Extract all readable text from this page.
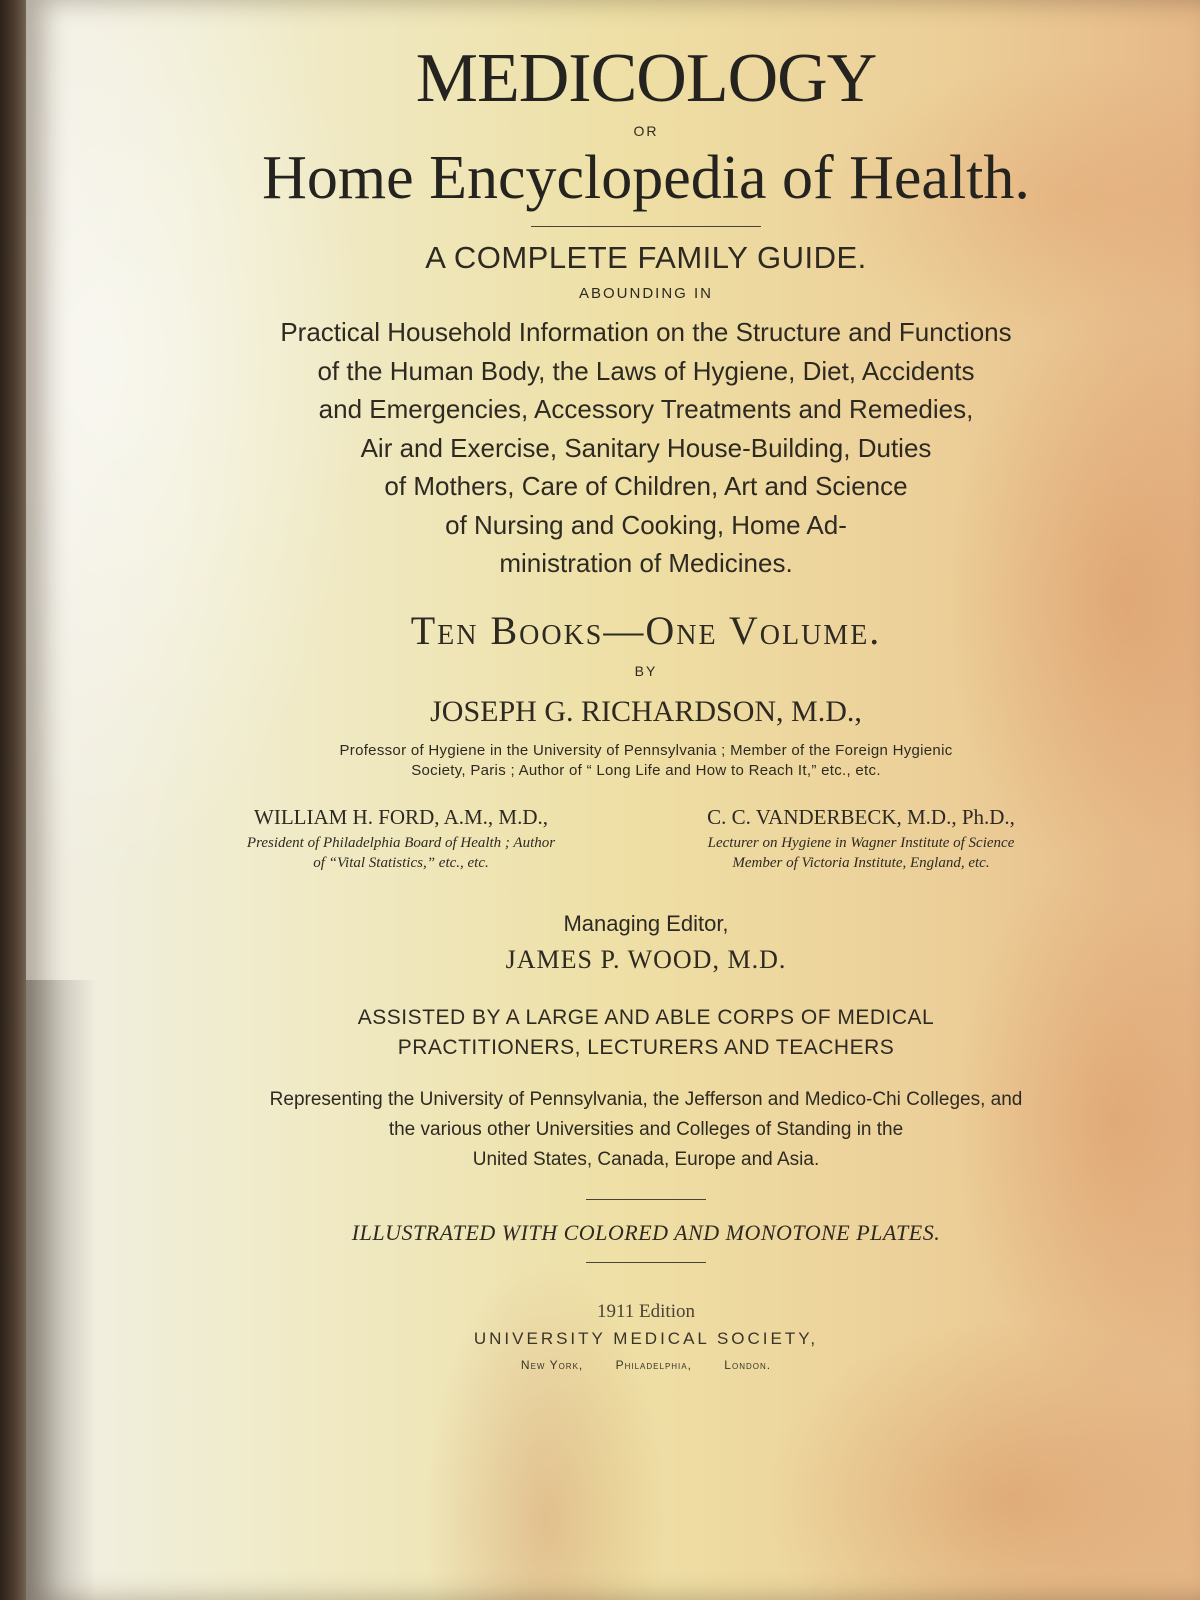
MEDICOLOGY
OR
Home Encyclopedia of Health.
A COMPLETE FAMILY GUIDE.
ABOUNDING IN
Practical Household Information on the Structure and Functions
of the Human Body, the Laws of Hygiene, Diet, Accidents
and Emergencies, Accessory Treatments and Remedies,
Air and Exercise, Sanitary House-Building, Duties
of Mothers, Care of Children, Art and Science
of Nursing and Cooking, Home Ad-
ministration of Medicines.
Ten Books—One Volume.
BY
JOSEPH G. RICHARDSON, M.D.,
Professor of Hygiene in the University of Pennsylvania ; Member of the Foreign Hygienic
Society, Paris ; Author of “ Long Life and How to Reach It,” etc., etc.
WILLIAM H. FORD, A.M., M.D.,
President of Philadelphia Board of Health ; Author
of “Vital Statistics,” etc., etc.
C. C. VANDERBECK, M.D., Ph.D.,
Lecturer on Hygiene in Wagner Institute of Science
Member of Victoria Institute, England, etc.
Managing Editor,
JAMES P. WOOD, M.D.
ASSISTED BY A LARGE AND ABLE CORPS OF MEDICAL
PRACTITIONERS, LECTURERS AND TEACHERS
Representing the University of Pennsylvania, the Jefferson and Medico-Chi Colleges, and
the various other Universities and Colleges of Standing in the
United States, Canada, Europe and Asia.
ILLUSTRATED WITH COLORED AND MONOTONE PLATES.
1911 Edition
UNIVERSITY MEDICAL SOCIETY,
New York,	Philadelphia,	London.
